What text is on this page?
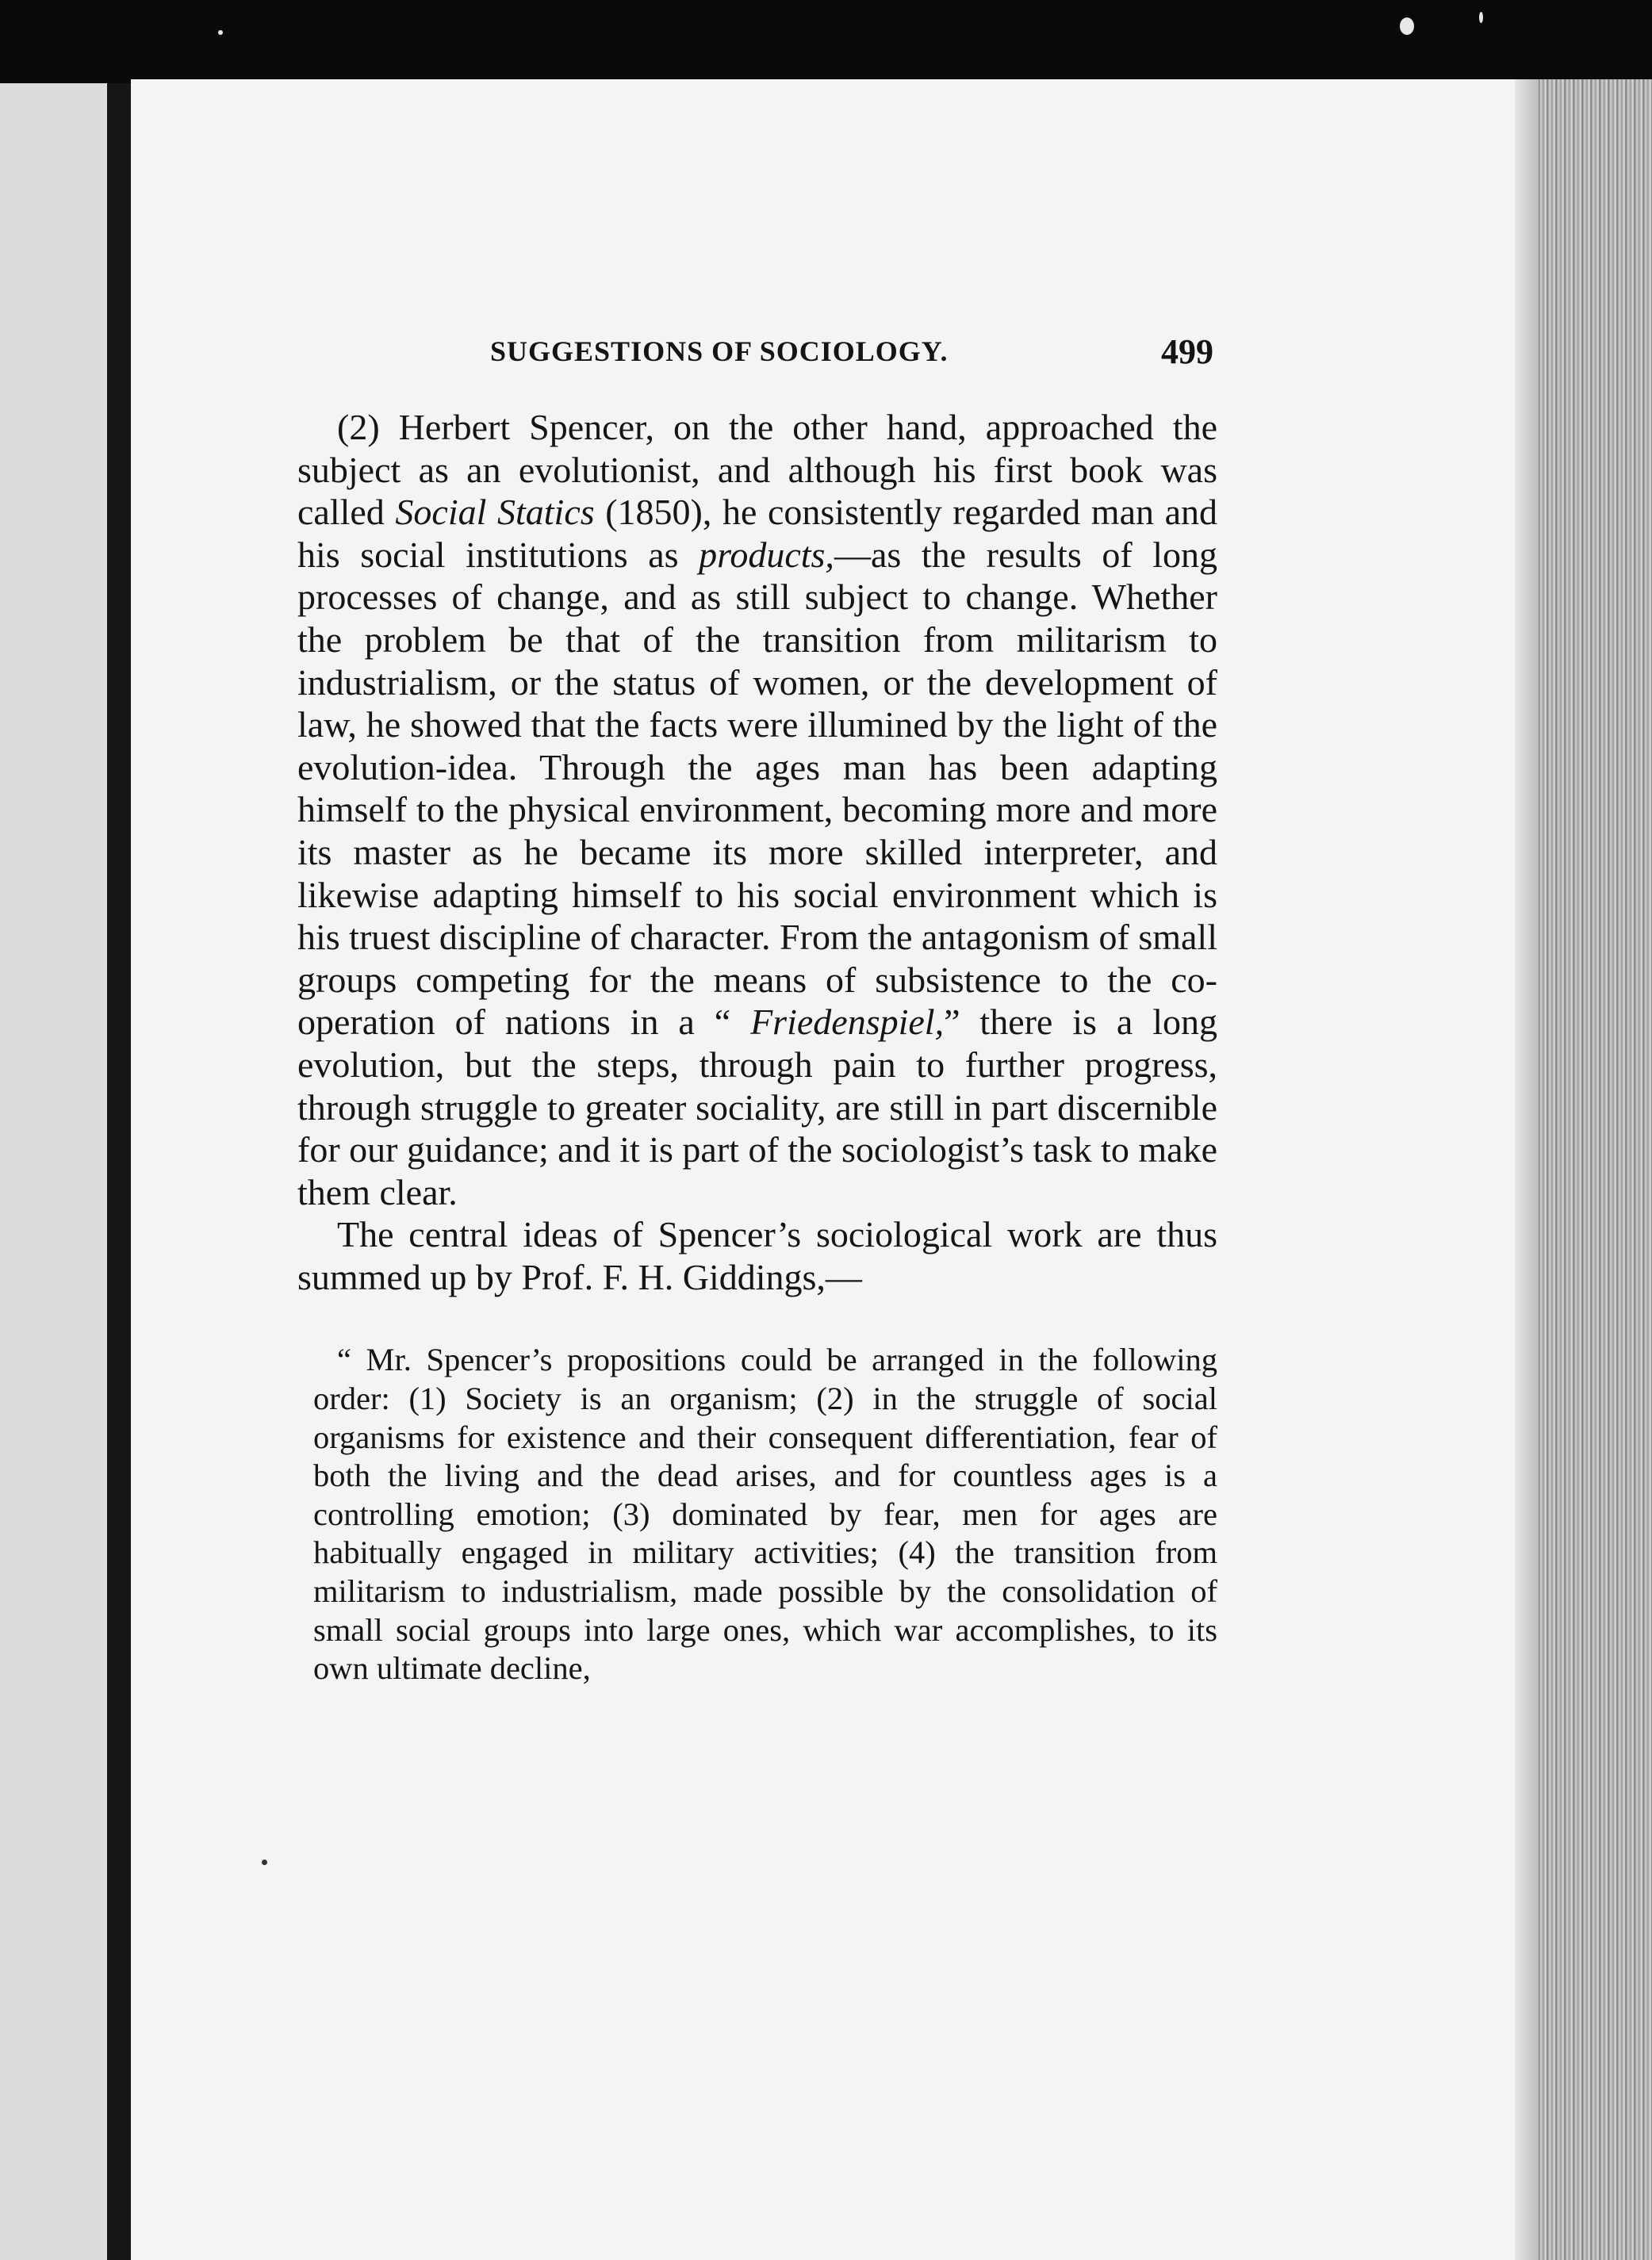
SUGGESTIONS OF SOCIOLOGY.	499

(2) Herbert Spencer, on the other hand, approached the subject as an evolutionist, and although his first book was called Social Statics (1850), he consistently regarded man and his social institutions as products,—as the results of long processes of change, and as still subject to change. Whether the problem be that of the transition from militarism to industrialism, or the status of women, or the development of law, he showed that the facts were illumined by the light of the evolution-idea. Through the ages man has been adapting himself to the physical environment, becoming more and more its master as he became its more skilled interpreter, and likewise adapting himself to his social environment which is his truest discipline of character. From the antagonism of small groups competing for the means of subsistence to the co-operation of nations in a “ Friedenspiel,” there is a long evolution, but the steps, through pain to further progress, through struggle to greater sociality, are still in part discernible for our guidance; and it is part of the sociologist’s task to make them clear.

The central ideas of Spencer’s sociological work are thus summed up by Prof. F. H. Giddings,—

“ Mr. Spencer’s propositions could be arranged in the following order: (1) Society is an organism; (2) in the struggle of social organisms for existence and their consequent differentiation, fear of both the living and the dead arises, and for countless ages is a controlling emotion; (3) dominated by fear, men for ages are habitually engaged in military activities; (4) the transition from militarism to industrialism, made possible by the consolidation of small social groups into large ones, which war accomplishes, to its own ultimate decline,
